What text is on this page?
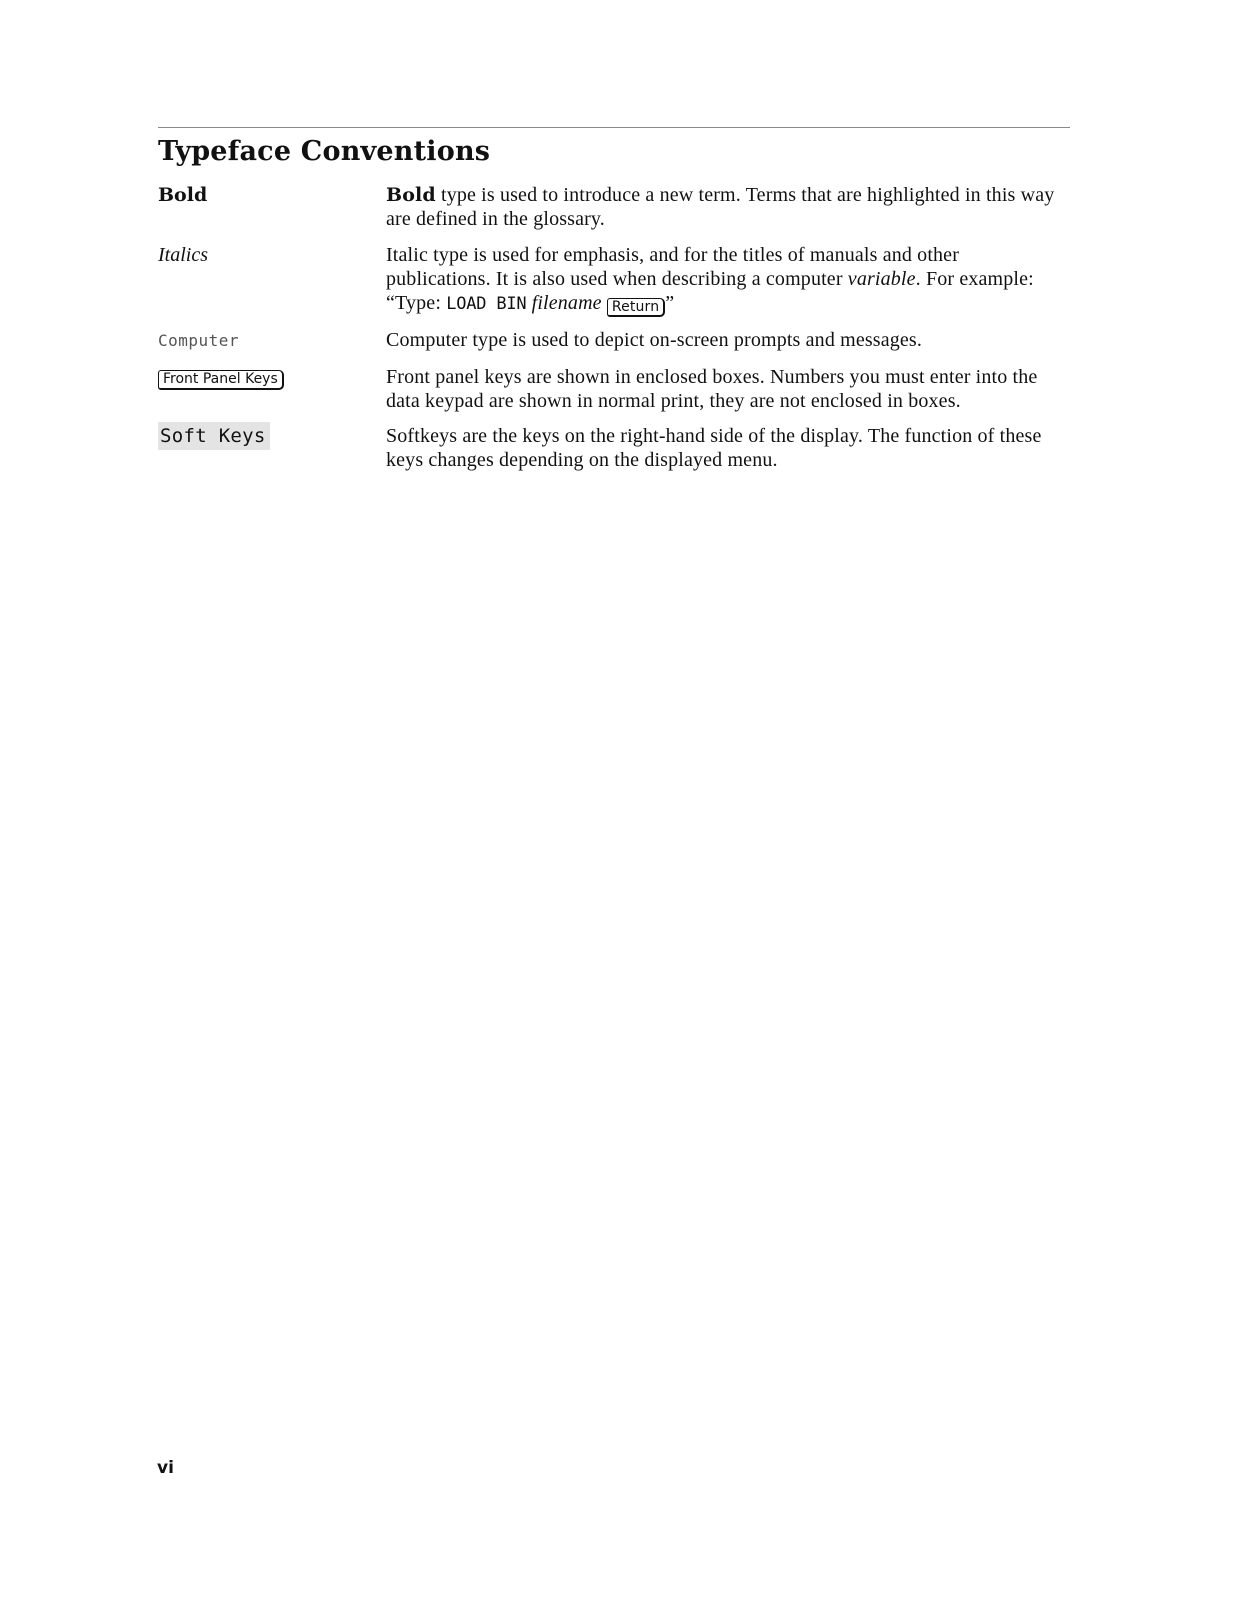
Typeface Conventions
Bold	Bold type is used to introduce a new term. Terms that are highlighted in this way are defined in the glossary.
Italics	Italic type is used for emphasis, and for the titles of manuals and other publications. It is also used when describing a computer variable. For example: “Type: LOAD BIN filename Return ”
Computer	Computer type is used to depict on-screen prompts and messages.
Front Panel Keys	Front panel keys are shown in enclosed boxes. Numbers you must enter into the data keypad are shown in normal print, they are not enclosed in boxes.
Soft Keys	Softkeys are the keys on the right-hand side of the display. The function of these keys changes depending on the displayed menu.
vi
